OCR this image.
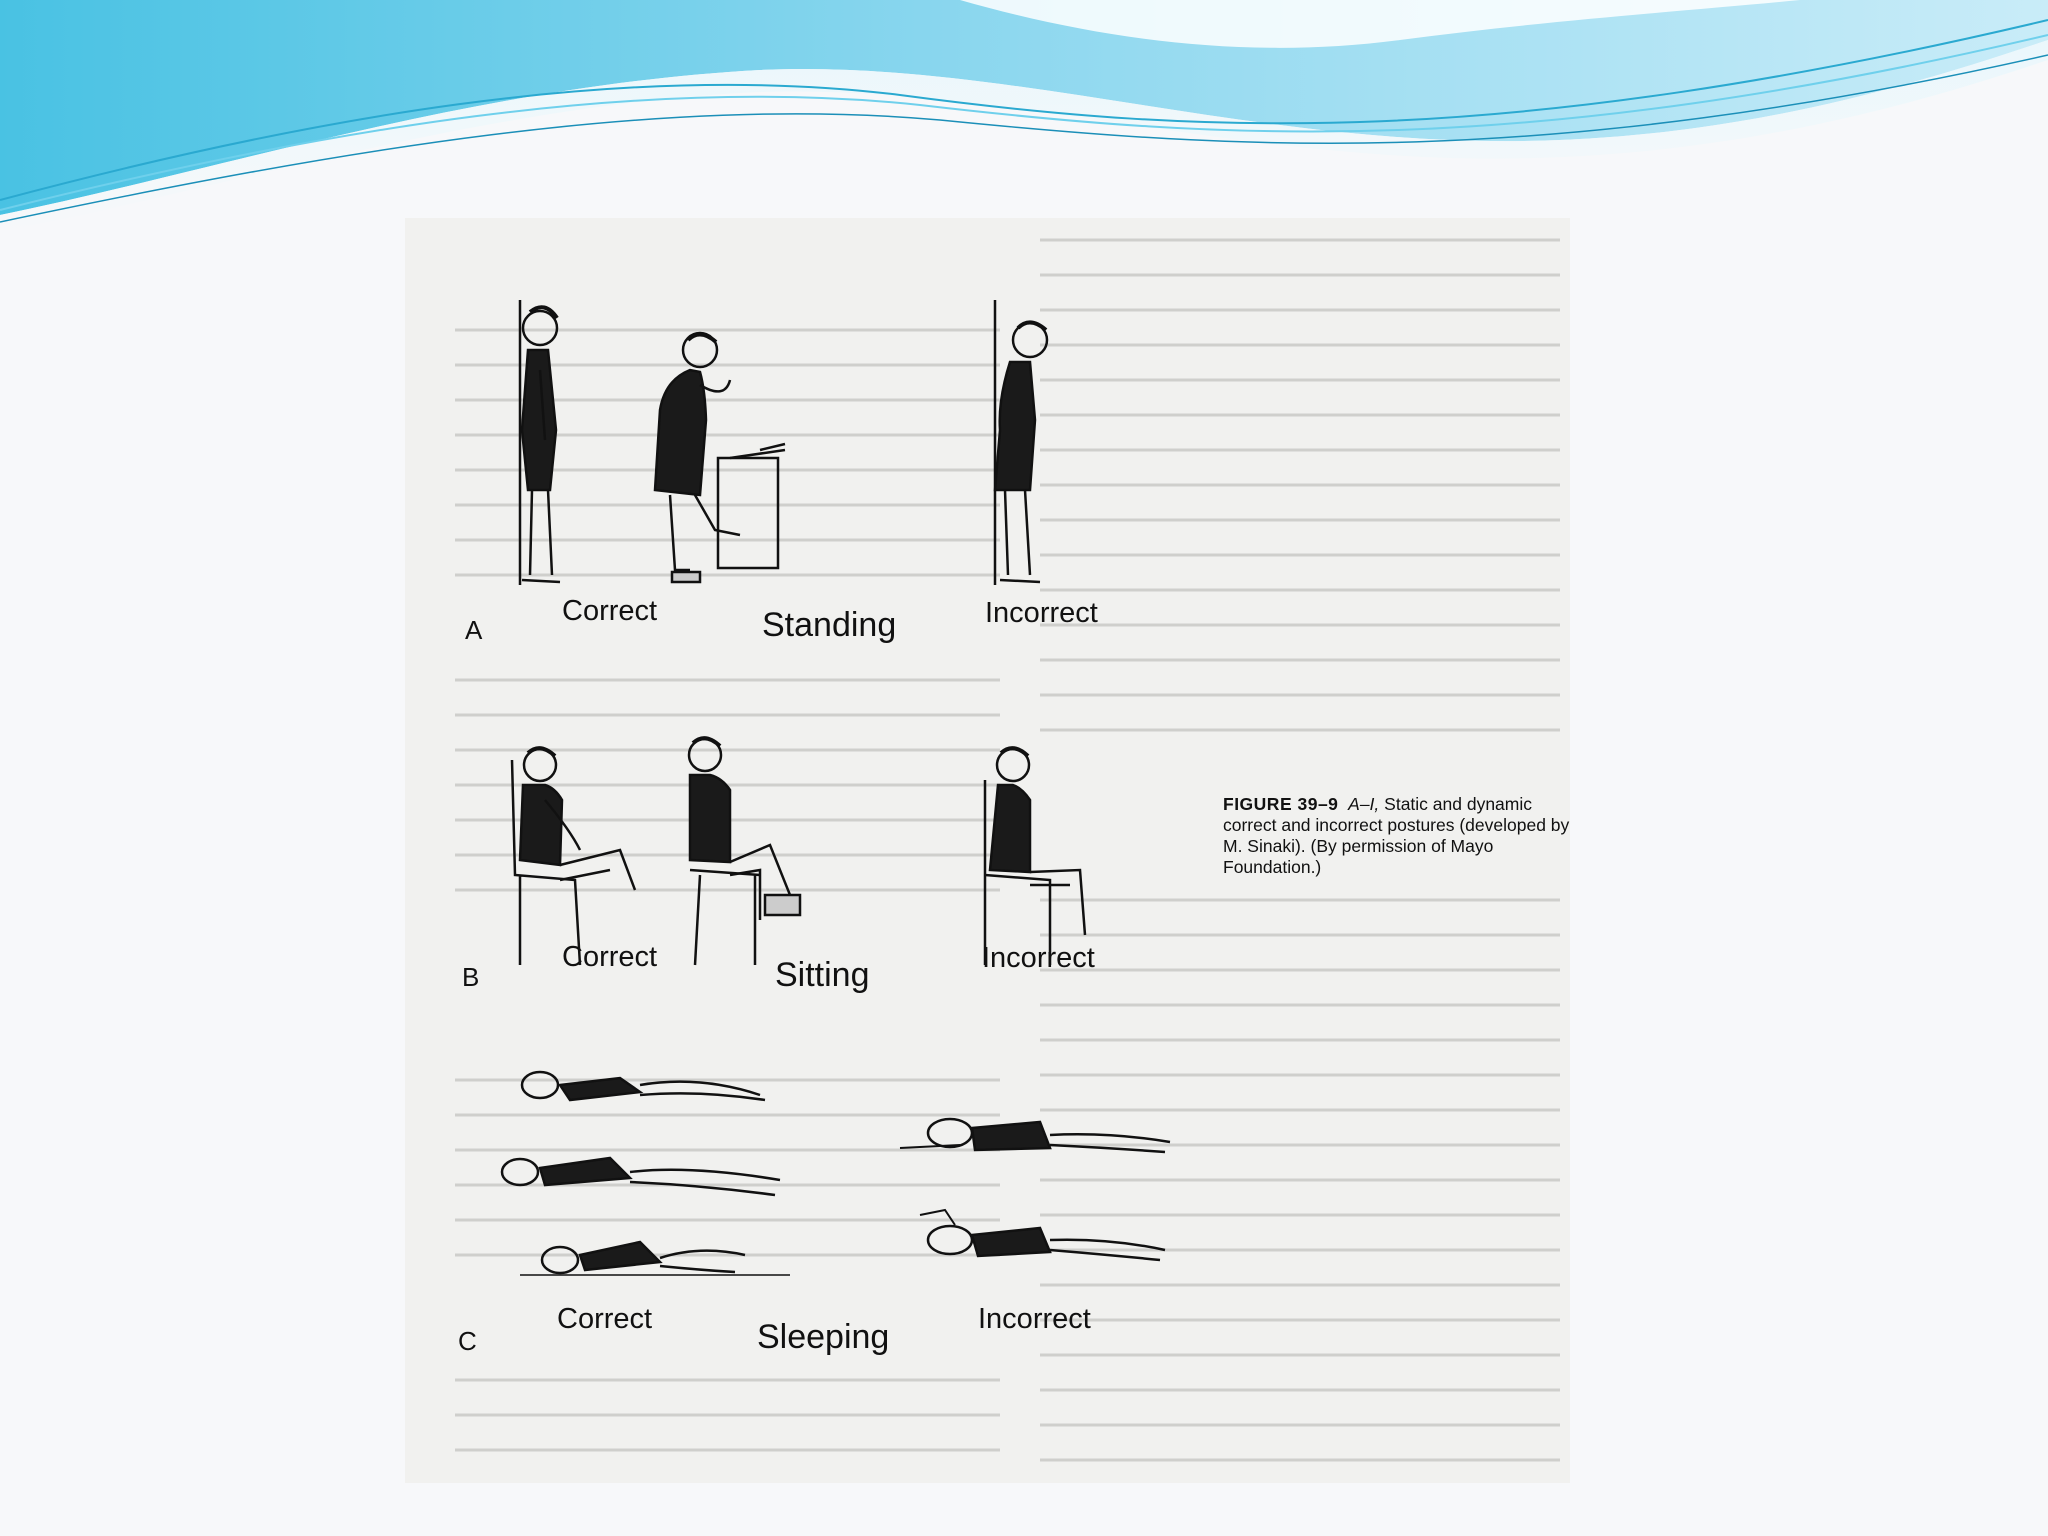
A
Correct	Standing	Incorrect
B
Correct	Sitting	Incorrect
C
Correct	Sleeping	Incorrect
FIGURE 39–9 A–I, Static and dynamic correct and incorrect postures (developed by M. Sinaki). (By permission of Mayo Foundation.)
